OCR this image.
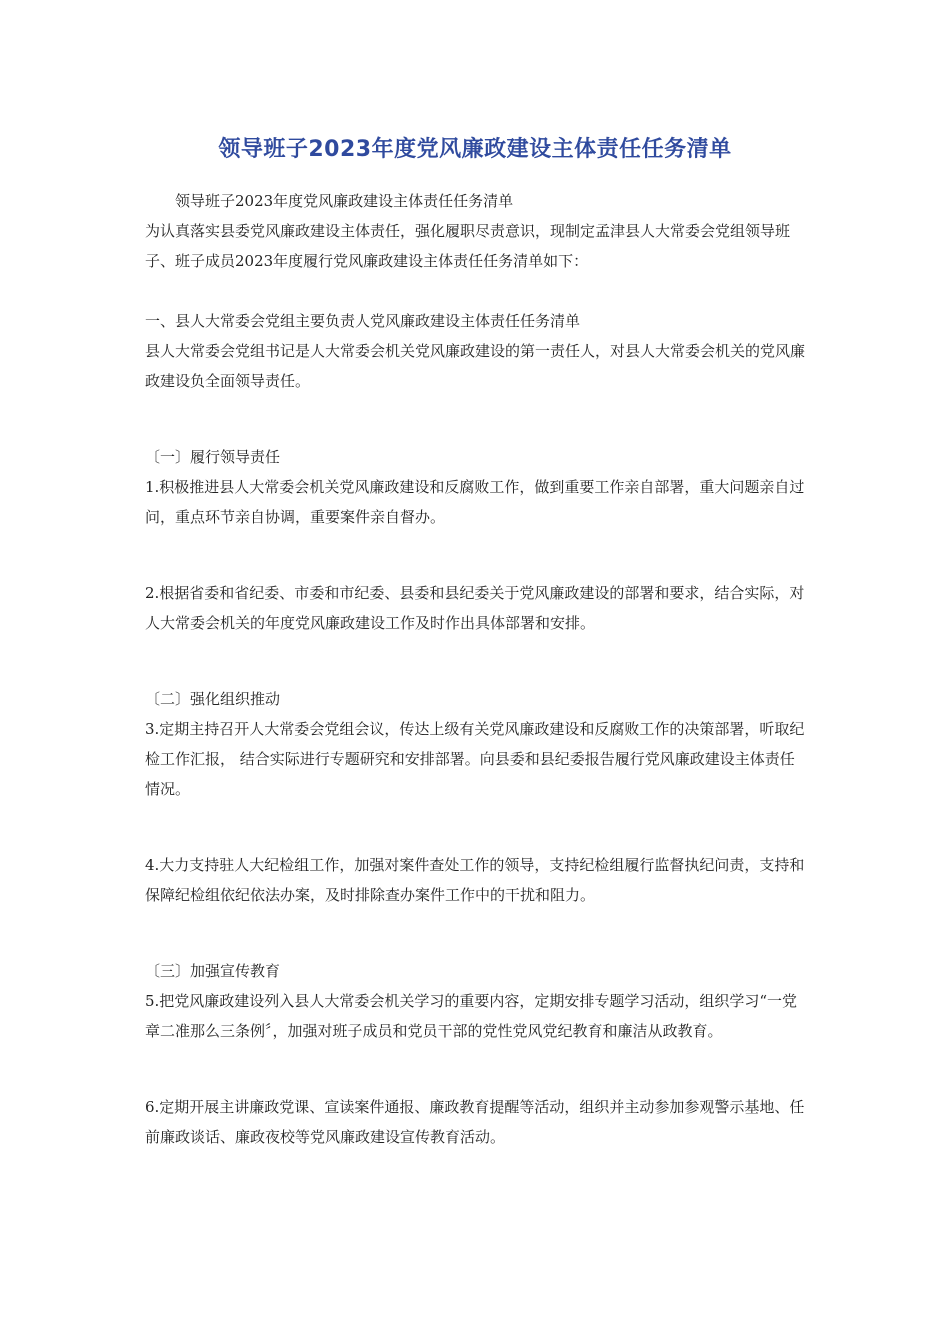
领导班子2023年度党风廉政建设主体责任任务清单

领导班子2023年度党风廉政建设主体责任任务清单

为认真落实县委党风廉政建设主体责任，强化履职尽责意识，现制定孟津县人大常委会党组领导班子、班子成员2023年度履行党风廉政建设主体责任任务清单如下：

一、县人大常委会党组主要负责人党风廉政建设主体责任任务清单

县人大常委会党组书记是人大常委会机关党风廉政建设的第一责任人，对县人大常委会机关的党风廉政建设负全面领导责任。

〔一〕履行领导责任

1.积极推进县人大常委会机关党风廉政建设和反腐败工作，做到重要工作亲自部署，重大问题亲自过问，重点环节亲自协调，重要案件亲自督办。

2.根据省委和省纪委、市委和市纪委、县委和县纪委关于党风廉政建设的部署和要求，结合实际，对人大常委会机关的年度党风廉政建设工作及时作出具体部署和安排。

〔二〕强化组织推动

3.定期主持召开人大常委会党组会议，传达上级有关党风廉政建设和反腐败工作的决策部署，听取纪检工作汇报， 结合实际进行专题研究和安排部署。向县委和县纪委报告履行党风廉政建设主体责任情况。

4.大力支持驻人大纪检组工作，加强对案件查处工作的领导，支持纪检组履行监督执纪问责，支持和保障纪检组依纪依法办案，及时排除查办案件工作中的干扰和阻力。

〔三〕加强宣传教育

5.把党风廉政建设列入县人大常委会机关学习的重要内容，定期安排专题学习活动，组织学习“一党章二准那么三条例〞，加强对班子成员和党员干部的党性党风党纪教育和廉洁从政教育。

6.定期开展主讲廉政党课、宣读案件通报、廉政教育提醒等活动，组织并主动参加参观警示基地、任前廉政谈话、廉政夜校等党风廉政建设宣传教育活动。
